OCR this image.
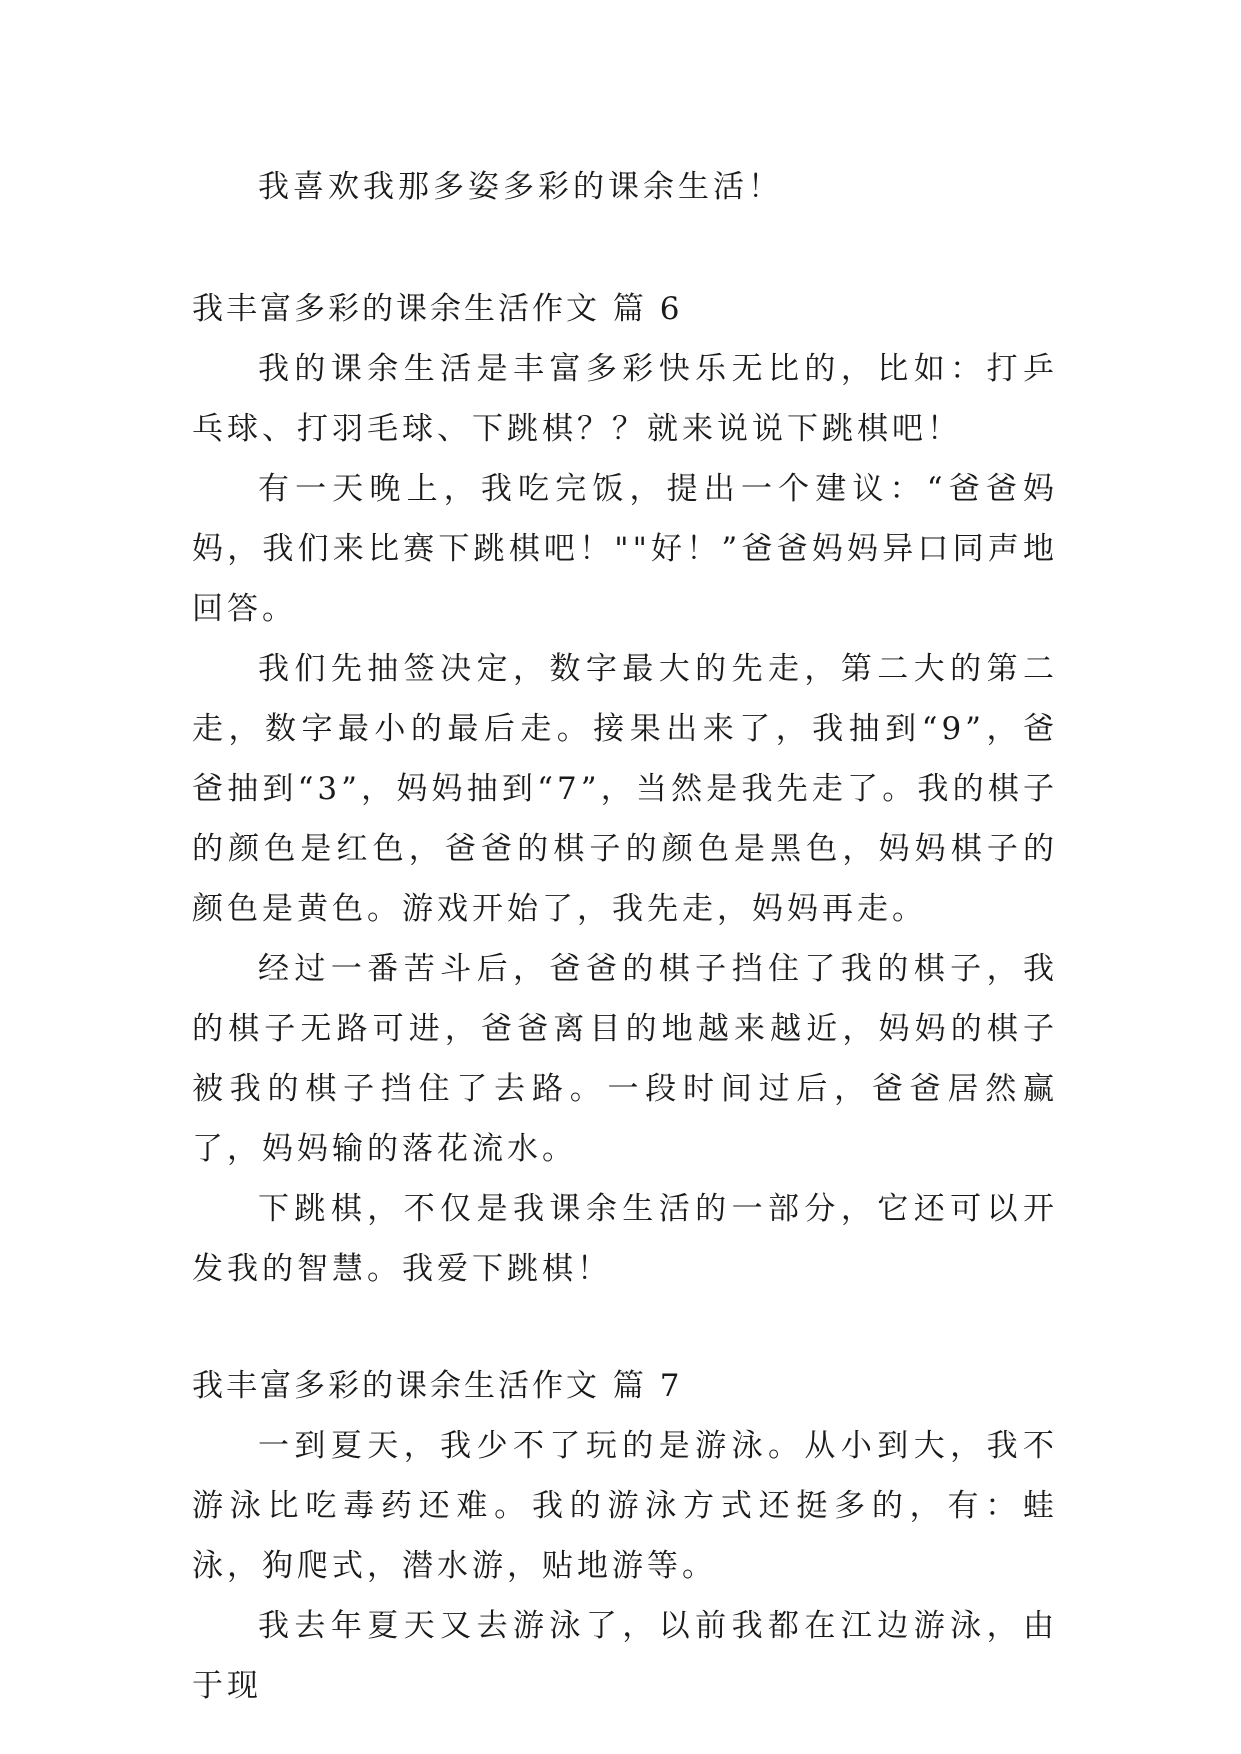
我喜欢我那多姿多彩的课余生活！

我丰富多彩的课余生活作文 篇 6

我的课余生活是丰富多彩快乐无比的，比如：打乒乓球、打羽毛球、下跳棋？？就来说说下跳棋吧！

有一天晚上，我吃完饭，提出一个建议：“爸爸妈妈，我们来比赛下跳棋吧！""好！”爸爸妈妈异口同声地回答。

我们先抽签决定，数字最大的先走，第二大的第二走，数字最小的最后走。接果出来了，我抽到“9”，爸爸抽到“3”，妈妈抽到“7”，当然是我先走了。我的棋子的颜色是红色，爸爸的棋子的颜色是黑色，妈妈棋子的颜色是黄色。游戏开始了，我先走，妈妈再走。

经过一番苦斗后，爸爸的棋子挡住了我的棋子，我的棋子无路可进，爸爸离目的地越来越近，妈妈的棋子被我的棋子挡住了去路。一段时间过后，爸爸居然赢了，妈妈输的落花流水。

下跳棋，不仅是我课余生活的一部分，它还可以开发我的智慧。我爱下跳棋！

我丰富多彩的课余生活作文 篇 7

一到夏天，我少不了玩的是游泳。从小到大，我不游泳比吃毒药还难。我的游泳方式还挺多的，有：蛙泳，狗爬式，潜水游，贴地游等。

我去年夏天又去游泳了，以前我都在江边游泳，由于现
